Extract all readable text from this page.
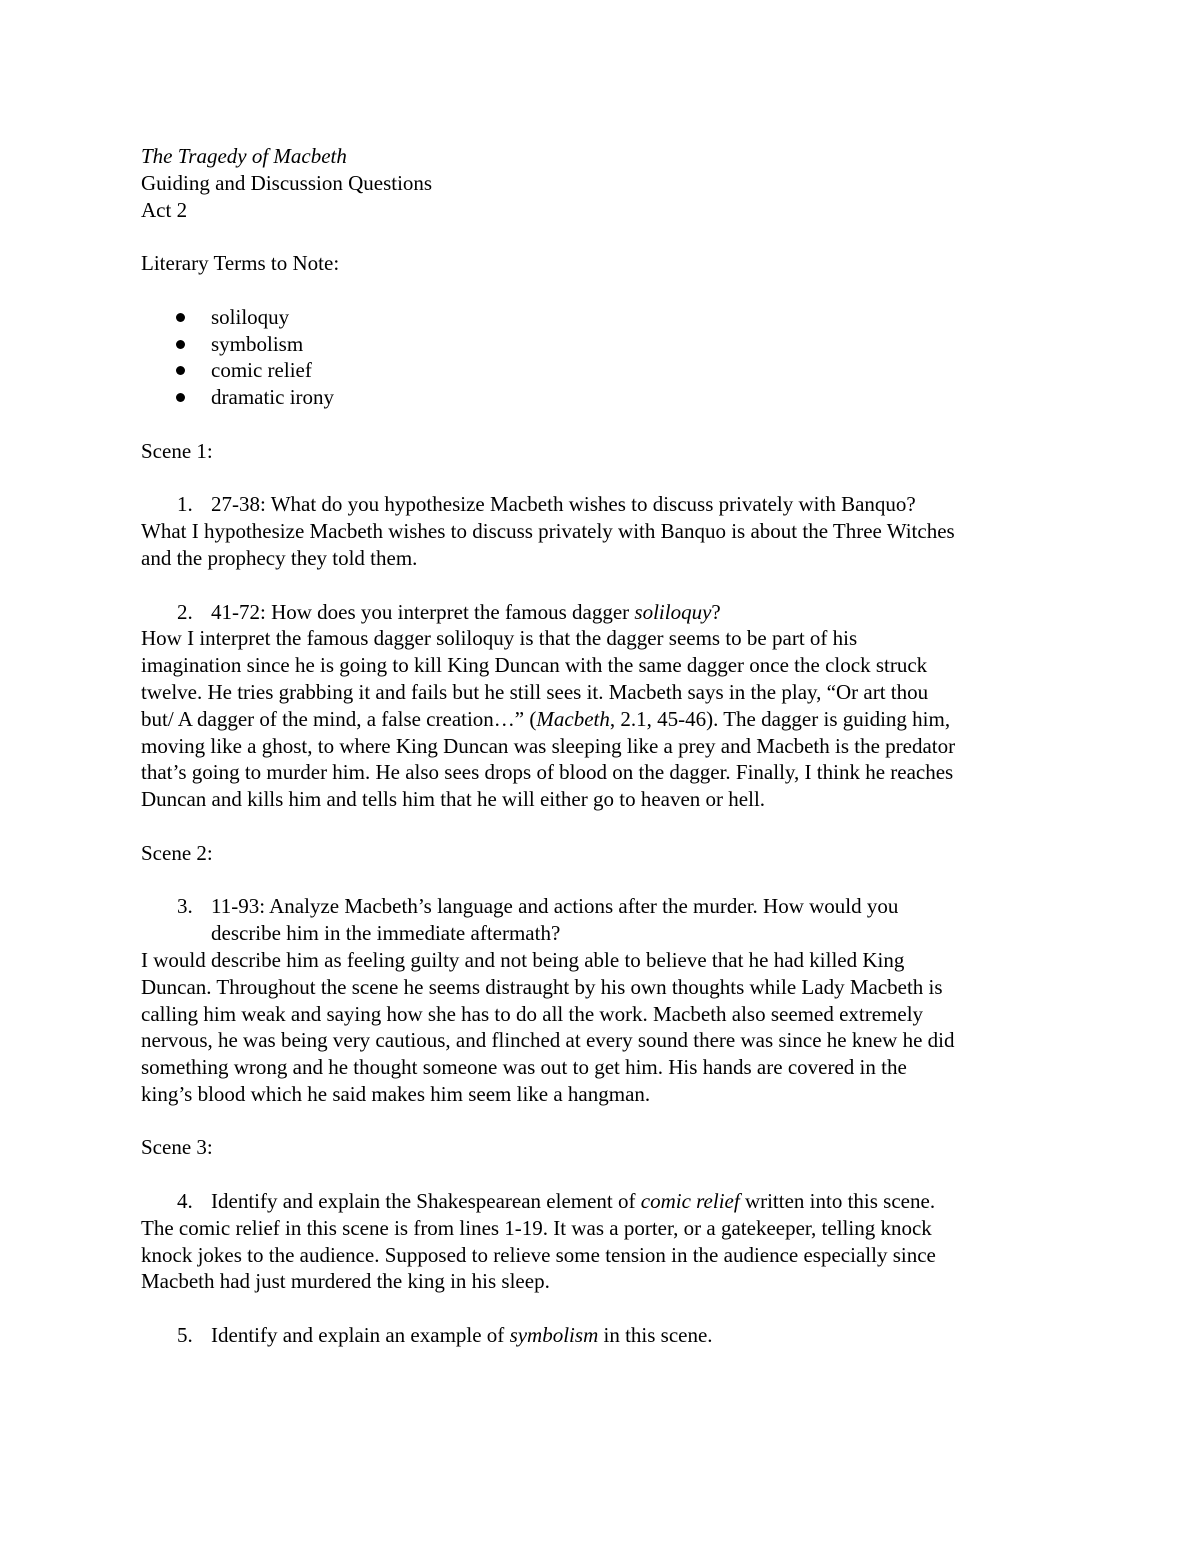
The Tragedy of Macbeth
Guiding and Discussion Questions
Act 2
Literary Terms to Note:
soliloquy
symbolism
comic relief
dramatic irony
Scene 1:
1. 27-38: What do you hypothesize Macbeth wishes to discuss privately with Banquo?
What I hypothesize Macbeth wishes to discuss privately with Banquo is about the Three Witches
and the prophecy they told them.
2. 41-72: How does you interpret the famous dagger soliloquy?
How I interpret the famous dagger soliloquy is that the dagger seems to be part of his
imagination since he is going to kill King Duncan with the same dagger once the clock struck
twelve. He tries grabbing it and fails but he still sees it. Macbeth says in the play, “Or art thou
but/ A dagger of the mind, a false creation…” (Macbeth, 2.1, 45-46). The dagger is guiding him,
moving like a ghost, to where King Duncan was sleeping like a prey and Macbeth is the predator
that’s going to murder him. He also sees drops of blood on the dagger. Finally, I think he reaches
Duncan and kills him and tells him that he will either go to heaven or hell.
Scene 2:
3. 11-93: Analyze Macbeth’s language and actions after the murder. How would you
describe him in the immediate aftermath?
I would describe him as feeling guilty and not being able to believe that he had killed King
Duncan. Throughout the scene he seems distraught by his own thoughts while Lady Macbeth is
calling him weak and saying how she has to do all the work. Macbeth also seemed extremely
nervous, he was being very cautious, and flinched at every sound there was since he knew he did
something wrong and he thought someone was out to get him. His hands are covered in the
king’s blood which he said makes him seem like a hangman.
Scene 3:
4. Identify and explain the Shakespearean element of comic relief written into this scene.
The comic relief in this scene is from lines 1-19. It was a porter, or a gatekeeper, telling knock
knock jokes to the audience. Supposed to relieve some tension in the audience especially since
Macbeth had just murdered the king in his sleep.
5. Identify and explain an example of symbolism in this scene.
